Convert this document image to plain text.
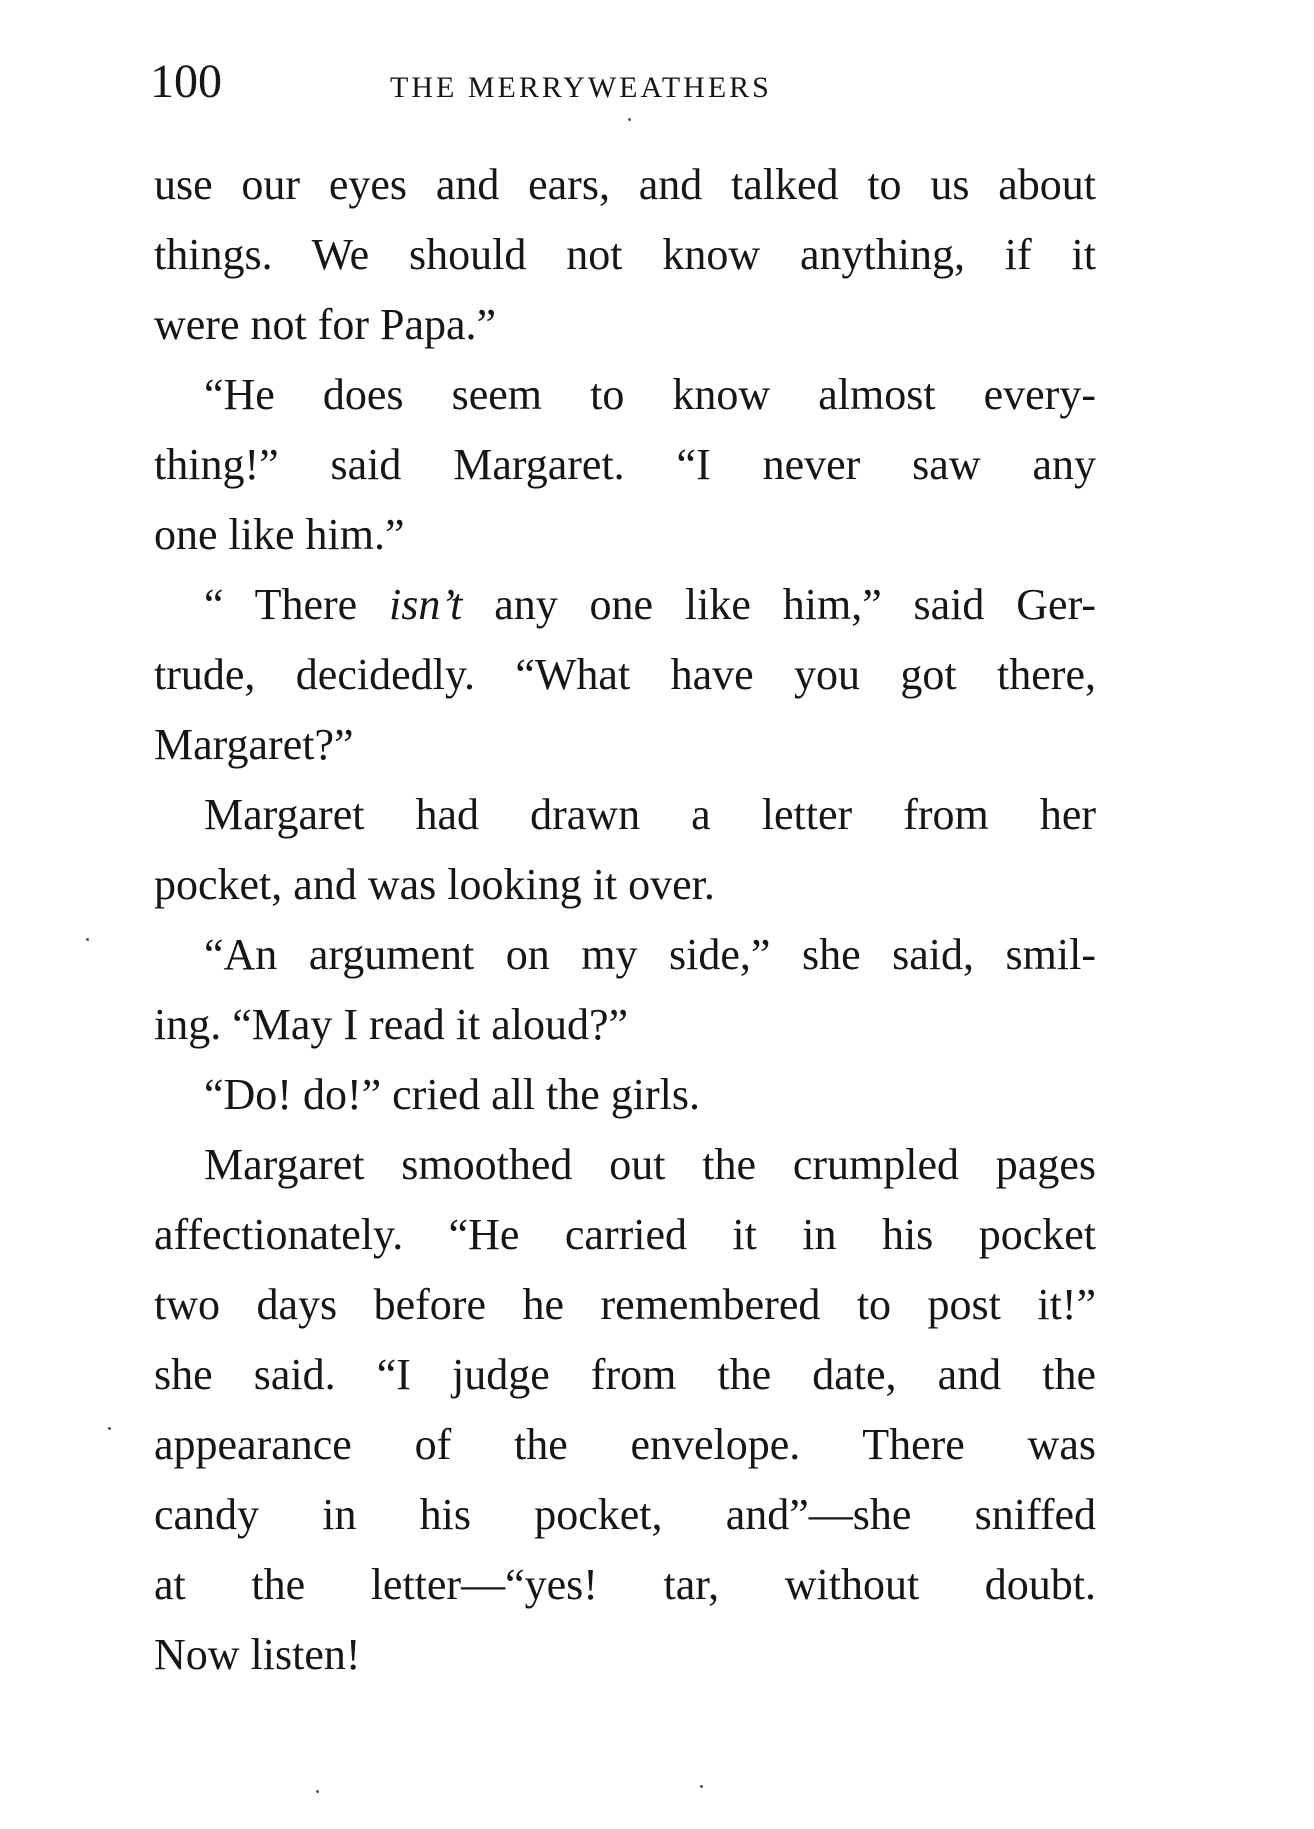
100	THE MERRYWEATHERS
use our eyes and ears, and talked to us about
things. We should not know anything, if it
were not for Papa.”
“He does seem to know almost every-
thing!” said Margaret. “I never saw any
one like him.”
“ There isn’t any one like him,” said Ger-
trude, decidedly. “What have you got there,
Margaret?”
Margaret had drawn a letter from her
pocket, and was looking it over.
“An argument on my side,” she said, smil-
ing. “May I read it aloud?”
“Do! do!” cried all the girls.
Margaret smoothed out the crumpled pages
affectionately. “He carried it in his pocket
two days before he remembered to post it!”
she said. “I judge from the date, and the
appearance of the envelope. There was
candy in his pocket, and”—she sniffed
at the letter—“yes! tar, without doubt.
Now listen!
